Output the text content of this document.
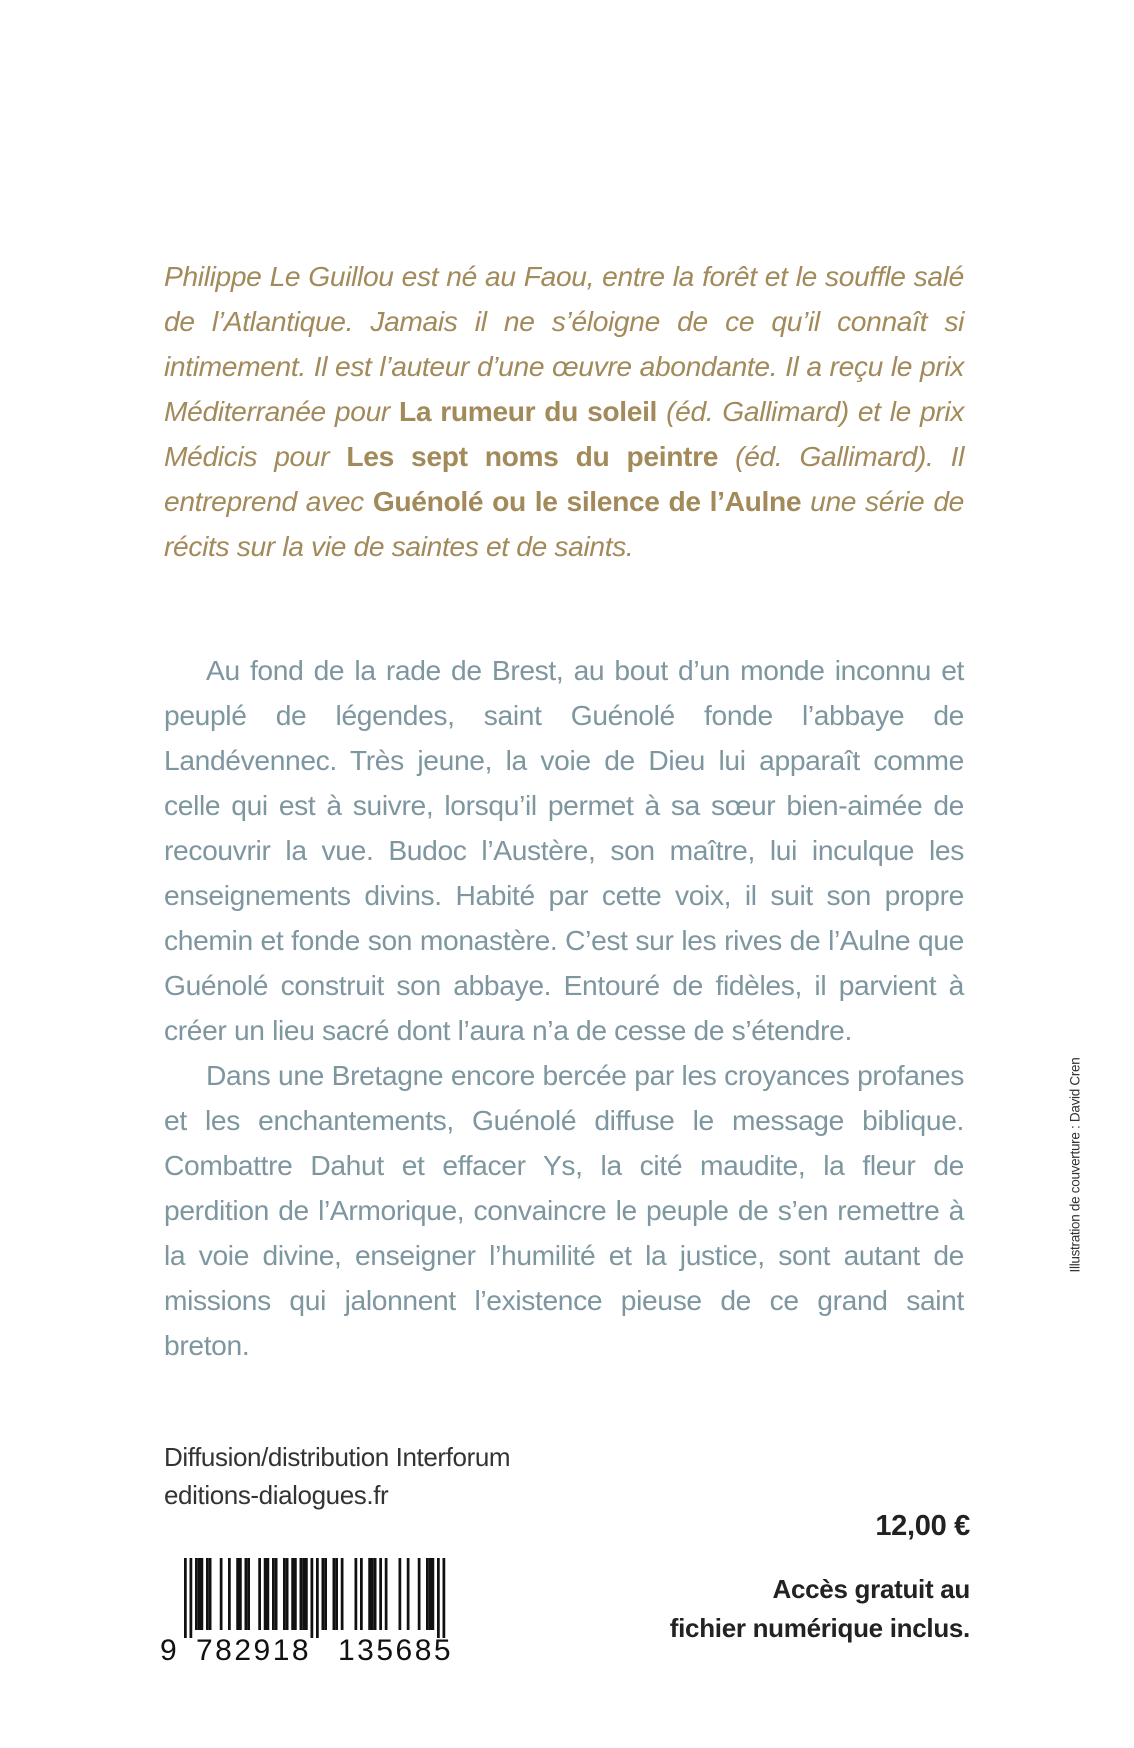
Philippe Le Guillou est né au Faou, entre la forêt et le souffle salé de l’Atlantique. Jamais il ne s’éloigne de ce qu’il connaît si intimement. Il est l’auteur d’une œuvre abondante. Il a reçu le prix Méditerranée pour La rumeur du soleil (éd. Gallimard) et le prix Médicis pour Les sept noms du peintre (éd. Gallimard). Il entreprend avec Guénolé ou le silence de l’Aulne une série de récits sur la vie de saintes et de saints.

Au fond de la rade de Brest, au bout d’un monde inconnu et peuplé de légendes, saint Guénolé fonde l’abbaye de Landévennec. Très jeune, la voie de Dieu lui apparaît comme celle qui est à suivre, lorsqu’il permet à sa sœur bien-aimée de recouvrir la vue. Budoc l’Austère, son maître, lui inculque les enseignements divins. Habité par cette voix, il suit son propre chemin et fonde son monastère. C’est sur les rives de l’Aulne que Guénolé construit son abbaye. Entouré de fidèles, il parvient à créer un lieu sacré dont l’aura n’a de cesse de s’étendre.

Dans une Bretagne encore bercée par les croyances profanes et les enchantements, Guénolé diffuse le message biblique. Combattre Dahut et effacer Ys, la cité maudite, la fleur de perdition de l’Armorique, convaincre le peuple de s’en remettre à la voie divine, enseigner l’humilité et la justice, sont autant de missions qui jalonnent l’existence pieuse de ce grand saint breton.

Illustration de couverture : David Cren
Diffusion/distribution Interforum
editions-dialogues.fr
12,00 €
Accès gratuit au
fichier numérique inclus.
9 782918 135685
